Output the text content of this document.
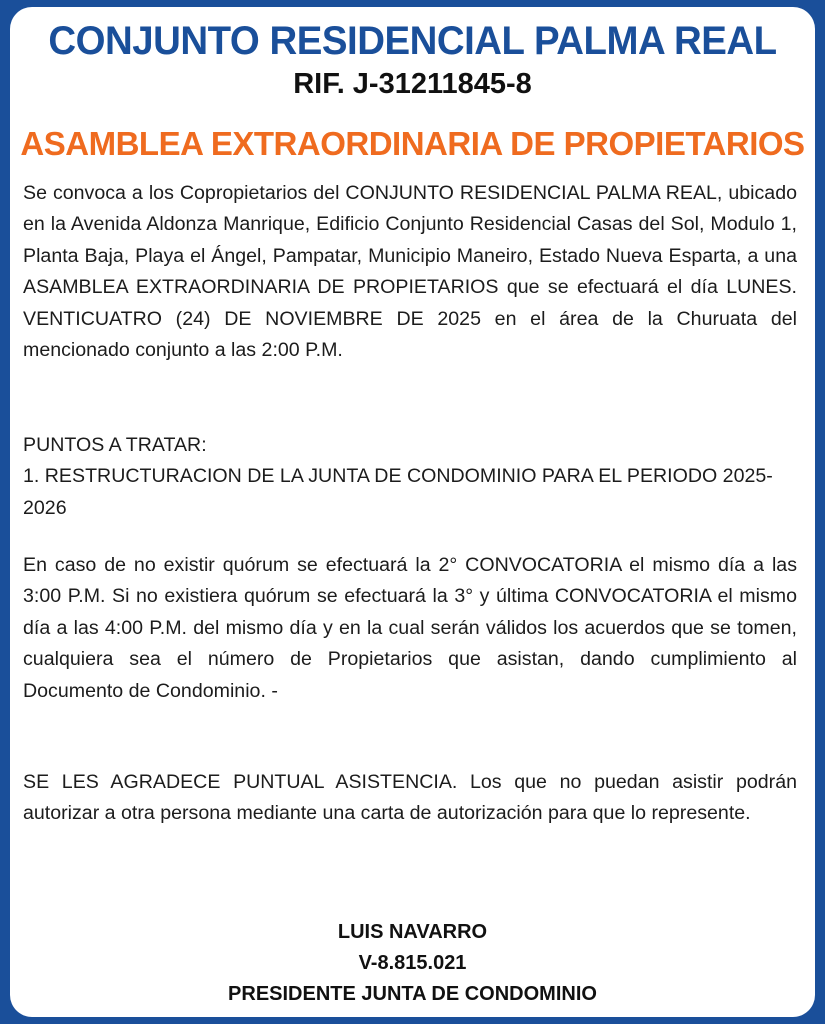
CONJUNTO RESIDENCIAL PALMA REAL
RIF. J-31211845-8
ASAMBLEA EXTRAORDINARIA DE PROPIETARIOS
Se convoca a los Copropietarios del CONJUNTO RESIDENCIAL PALMA REAL, ubicado en la Avenida Aldonza Manrique, Edificio Conjunto Residencial Casas del Sol, Modulo 1, Planta Baja, Playa el Ángel, Pampatar, Municipio Maneiro, Estado Nueva Esparta, a una ASAMBLEA EXTRAORDINARIA DE PROPIETARIOS que se efectuará el día LUNES. VENTICUATRO (24) DE NOVIEMBRE DE 2025 en el área de la Churuata del mencionado conjunto a las 2:00 P.M.
PUNTOS A TRATAR:
1. RESTRUCTURACION DE LA JUNTA DE CONDOMINIO PARA EL PERIODO 2025-2026
En caso de no existir quórum se efectuará la 2° CONVOCATORIA el mismo día a las 3:00 P.M. Si no existiera quórum se efectuará la 3° y última CONVOCATORIA el mismo día a las 4:00 P.M. del mismo día y en la cual serán válidos los acuerdos que se tomen, cualquiera sea el número de Propietarios que asistan, dando cumplimiento al Documento de Condominio. -
SE LES AGRADECE PUNTUAL ASISTENCIA. Los que no puedan asistir podrán autorizar a otra persona mediante una carta de autorización para que lo represente.
LUIS NAVARRO
V-8.815.021
PRESIDENTE JUNTA DE CONDOMINIO
